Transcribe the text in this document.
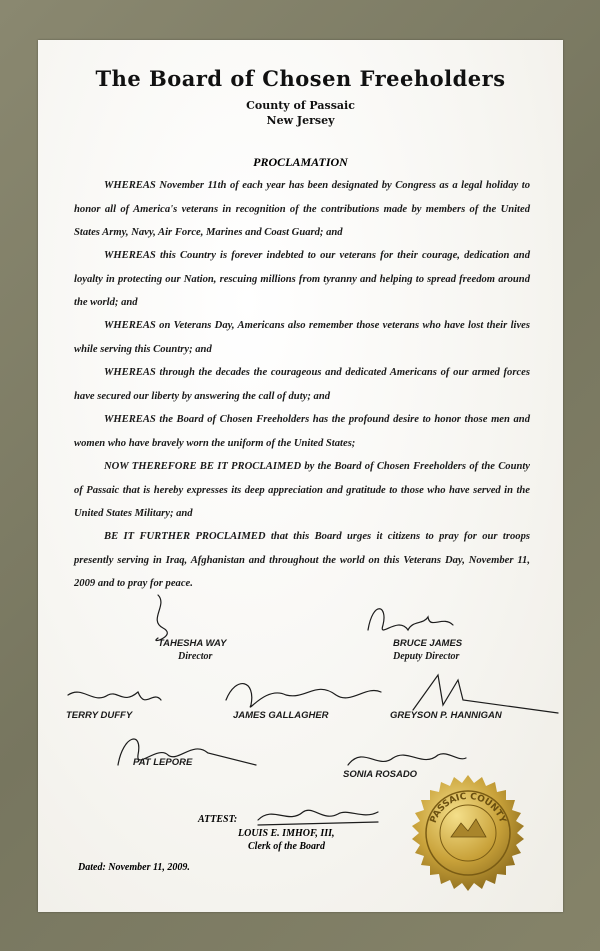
The Board of Chosen Freeholders
County of Passaic
New Jersey
PROCLAMATION
WHEREAS November 11th of each year has been designated by Congress as a legal holiday to honor all of America's veterans in recognition of the contributions made by members of the United States Army, Navy, Air Force, Marines and Coast Guard; and
WHEREAS this Country is forever indebted to our veterans for their courage, dedication and loyalty in protecting our Nation, rescuing millions from tyranny and helping to spread freedom around the world; and
WHEREAS on Veterans Day, Americans also remember those veterans who have lost their lives while serving this Country; and
WHEREAS through the decades the courageous and dedicated Americans of our armed forces have secured our liberty by answering the call of duty; and
WHEREAS the Board of Chosen Freeholders has the profound desire to honor those men and women who have bravely worn the uniform of the United States;
NOW THEREFORE BE IT PROCLAIMED by the Board of Chosen Freeholders of the County of Passaic that is hereby expresses its deep appreciation and gratitude to those who have served in the United States Military; and
BE IT FURTHER PROCLAIMED that this Board urges it citizens to pray for our troops presently serving in Iraq, Afghanistan and throughout the world on this Veterans Day, November 11, 2009 and to pray for peace.
TAHESHA WAY
Director
BRUCE JAMES
Deputy Director
TERRY DUFFY	JAMES GALLAGHER	GREYSON P. HANNIGAN
PAT LEPORE
SONIA ROSADO
ATTEST:
LOUIS E. IMHOF, III,
Clerk of the Board
Dated: November 11, 2009.
PASSAIC COUNTY
